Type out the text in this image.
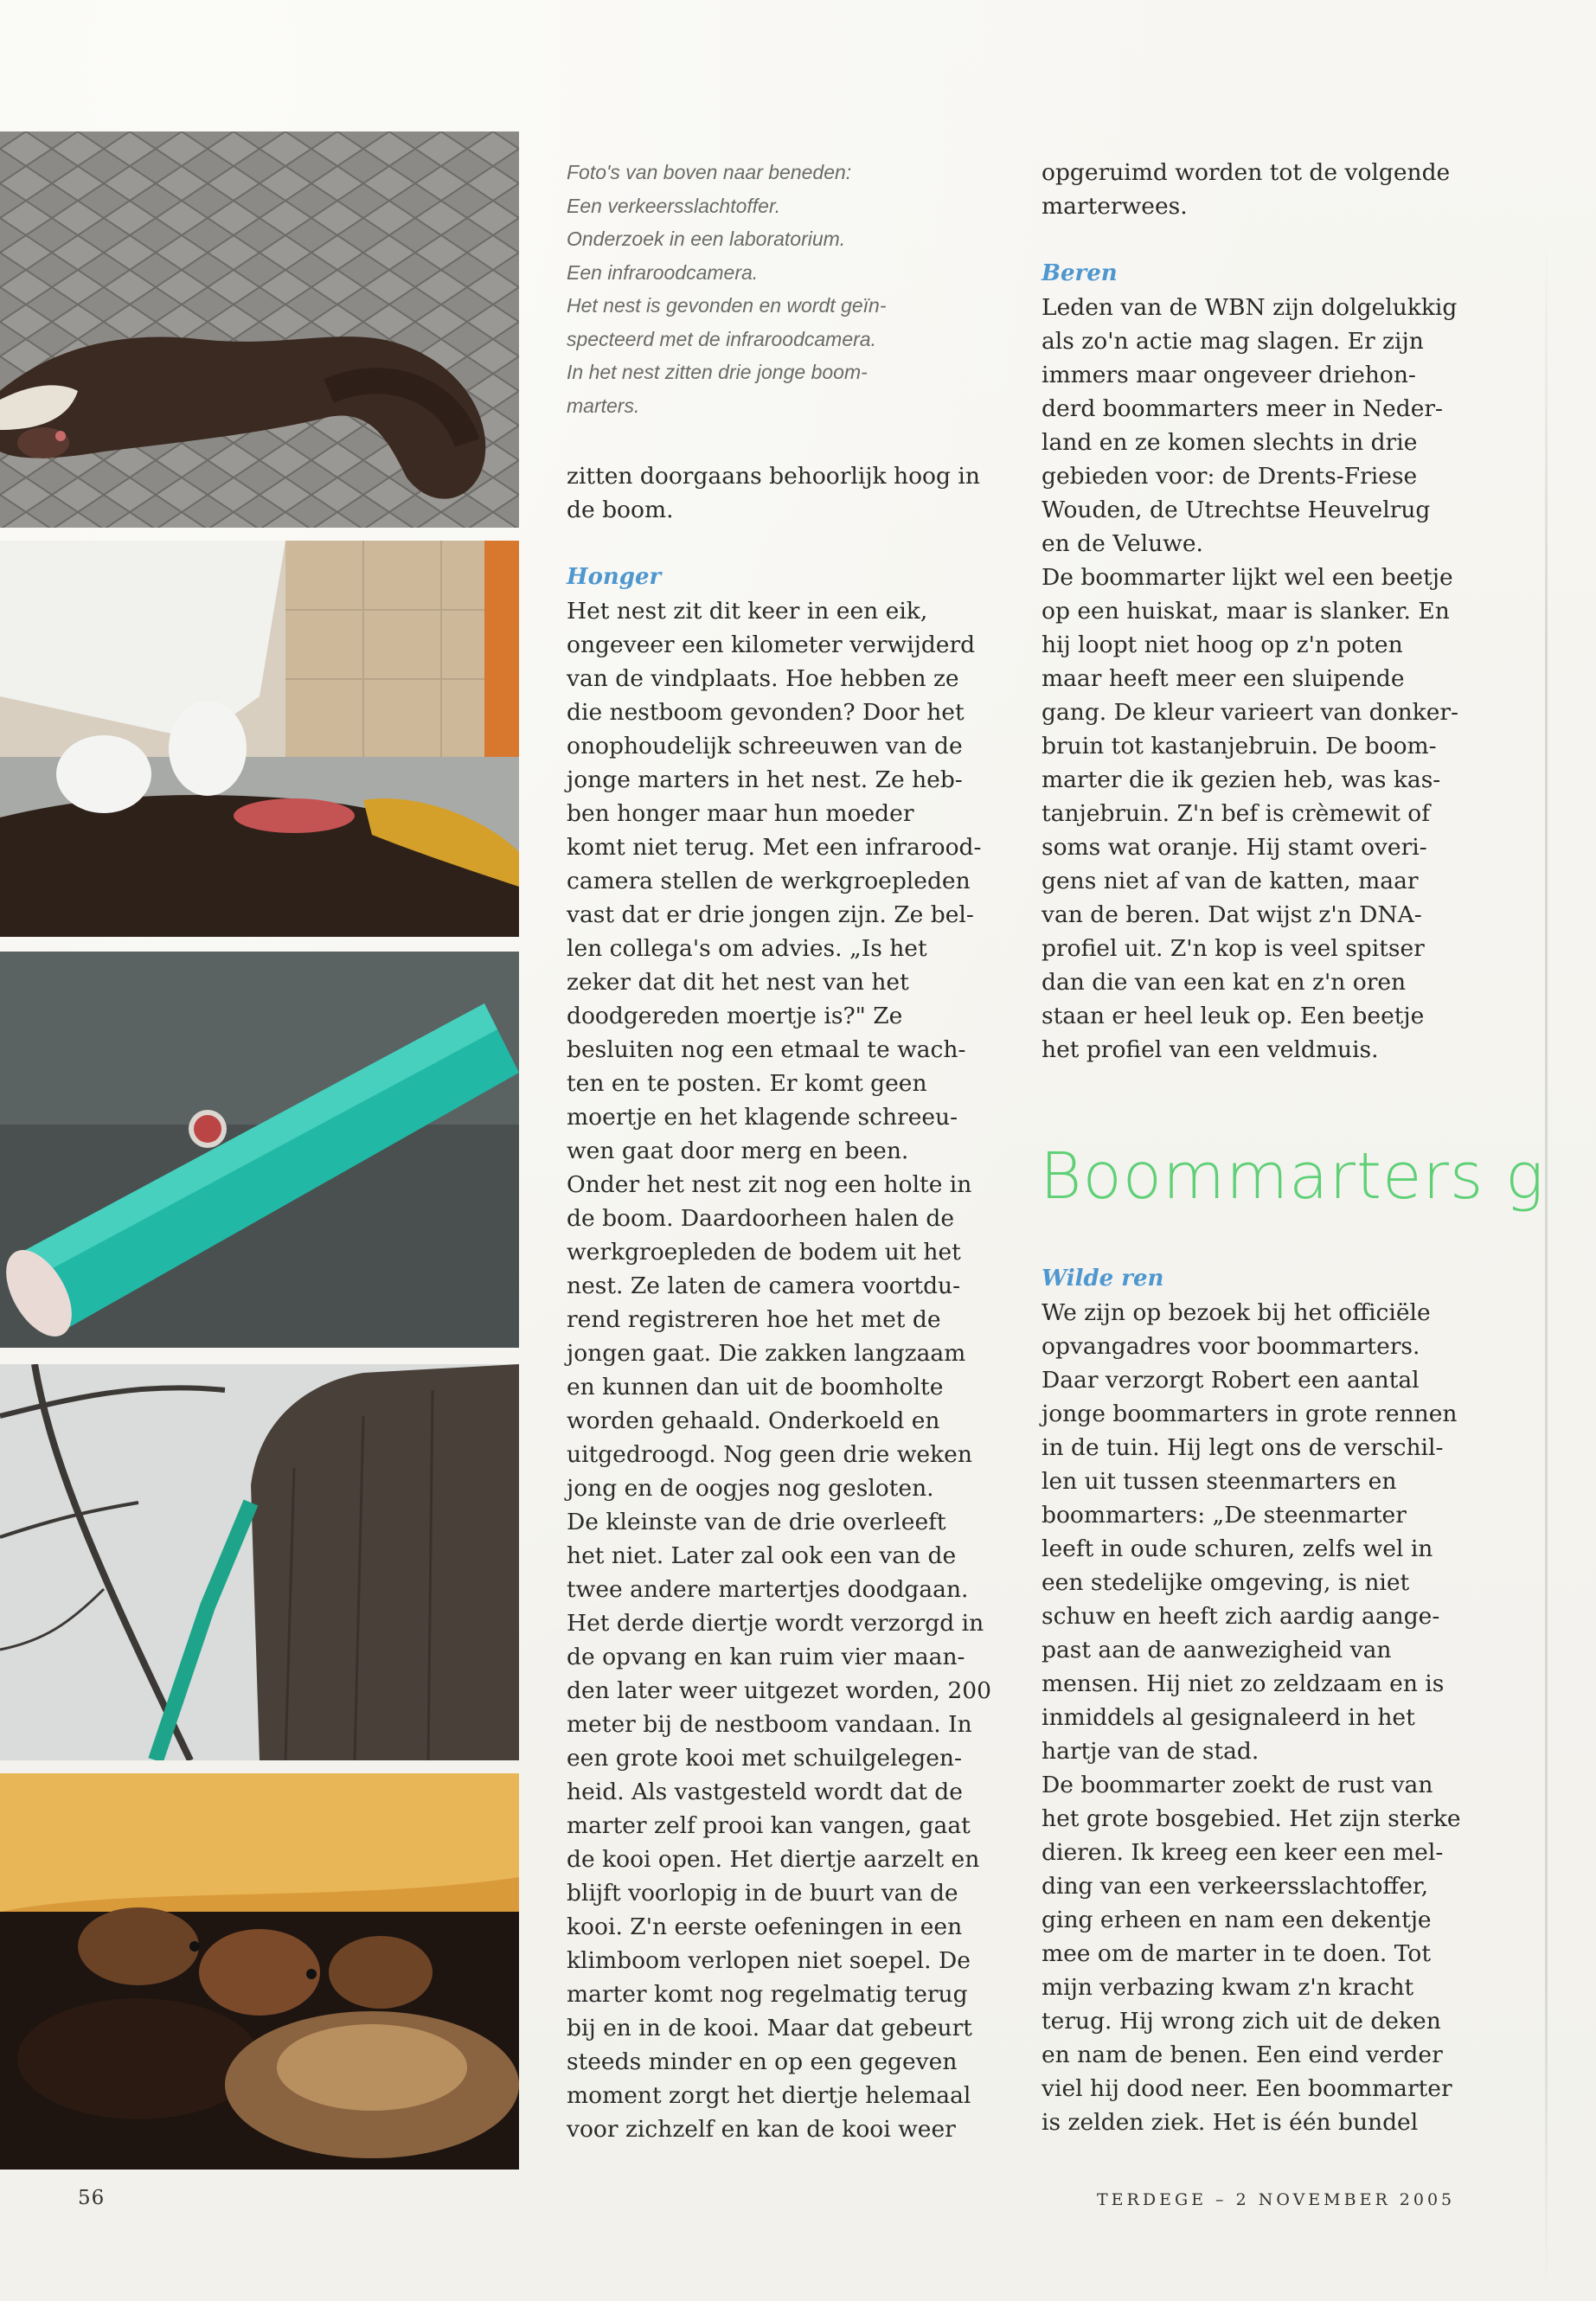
Foto's van boven naar beneden:

Een verkeersslachtoffer.

Onderzoek in een laboratorium.

Een infraroodcamera.

Het nest is gevonden en wordt geïn-

specteerd met de infraroodcamera.

In het nest zitten drie jonge boom-

marters.

zitten doorgaans behoorlijk hoog in

de boom.

Honger

Het nest zit dit keer in een eik,

ongeveer een kilometer verwijderd

van de vindplaats. Hoe hebben ze

die nestboom gevonden? Door het

onophoudelijk schreeuwen van de

jonge marters in het nest. Ze heb-

ben honger maar hun moeder

komt niet terug. Met een infrarood-

camera stellen de werkgroepleden

vast dat er drie jongen zijn. Ze bel-

len collega's om advies. „Is het

zeker dat dit het nest van het

doodgereden moertje is?" Ze

besluiten nog een etmaal te wach-

ten en te posten. Er komt geen

moertje en het klagende schreeu-

wen gaat door merg en been.

Onder het nest zit nog een holte in

de boom. Daardoorheen halen de

werkgroepleden de bodem uit het

nest. Ze laten de camera voortdu-

rend registreren hoe het met de

jongen gaat. Die zakken langzaam

en kunnen dan uit de boomholte

worden gehaald. Onderkoeld en

uitgedroogd. Nog geen drie weken

jong en de oogjes nog gesloten.

De kleinste van de drie overleeft

het niet. Later zal ook een van de

twee andere martertjes doodgaan.

Het derde diertje wordt verzorgd in

de opvang en kan ruim vier maan-

den later weer uitgezet worden, 200

meter bij de nestboom vandaan. In

een grote kooi met schuilgelegen-

heid. Als vastgesteld wordt dat de

marter zelf prooi kan vangen, gaat

de kooi open. Het diertje aarzelt en

blijft voorlopig in de buurt van de

kooi. Z'n eerste oefeningen in een

klimboom verlopen niet soepel. De

marter komt nog regelmatig terug

bij en in de kooi. Maar dat gebeurt

steeds minder en op een gegeven

moment zorgt het diertje helemaal

voor zichzelf en kan de kooi weer

opgeruimd worden tot de volgende

marterwees.

Beren

Leden van de WBN zijn dolgelukkig

als zo'n actie mag slagen. Er zijn

immers maar ongeveer driehon-

derd boommarters meer in Neder-

land en ze komen slechts in drie

gebieden voor: de Drents-Friese

Wouden, de Utrechtse Heuvelrug

en de Veluwe.

De boommarter lijkt wel een beetje

op een huiskat, maar is slanker. En

hij loopt niet hoog op z'n poten

maar heeft meer een sluipende

gang. De kleur varieert van donker-

bruin tot kastanjebruin. De boom-

marter die ik gezien heb, was kas-

tanjebruin. Z'n bef is crèmewit of

soms wat oranje. Hij stamt overi-

gens niet af van de katten, maar

van de beren. Dat wijst z'n DNA-

profiel uit. Z'n kop is veel spitser

dan die van een kat en z'n oren

staan er heel leuk op. Een beetje

het profiel van een veldmuis.

Boommarters g

Wilde ren

We zijn op bezoek bij het officiële

opvangadres voor boommarters.

Daar verzorgt Robert een aantal

jonge boommarters in grote rennen

in de tuin. Hij legt ons de verschil-

len uit tussen steenmarters en

boommarters: „De steenmarter

leeft in oude schuren, zelfs wel in

een stedelijke omgeving, is niet

schuw en heeft zich aardig aange-

past aan de aanwezigheid van

mensen. Hij niet zo zeldzaam en is

inmiddels al gesignaleerd in het

hartje van de stad.

De boommarter zoekt de rust van

het grote bosgebied. Het zijn sterke

dieren. Ik kreeg een keer een mel-

ding van een verkeersslachtoffer,

ging erheen en nam een dekentje

mee om de marter in te doen. Tot

mijn verbazing kwam z'n kracht

terug. Hij wrong zich uit de deken

en nam de benen. Een eind verder

viel hij dood neer. Een boommarter

is zelden ziek. Het is één bundel

56	TERDEGE – 2 NOVEMBER 2005
